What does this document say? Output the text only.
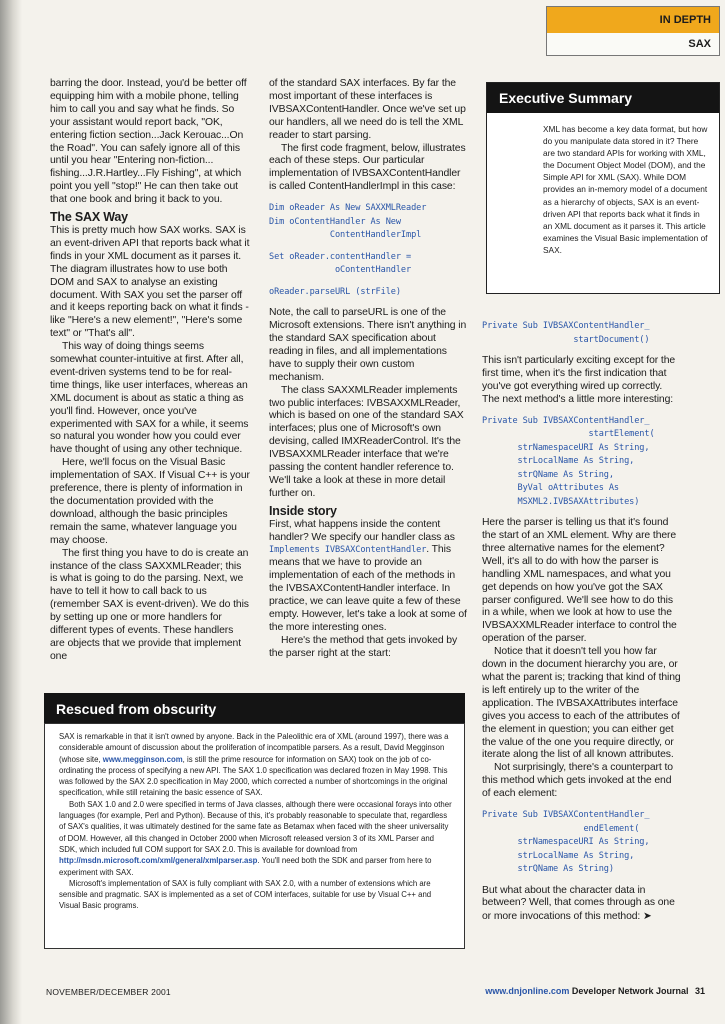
IN DEPTH
SAX

barring the door. Instead, you'd be better off equipping him with a mobile phone, telling him to call you and say what he finds. So your assistant would report back, "OK, entering fiction section...Jack Kerouac...On the Road". You can safely ignore all of this until you hear "Entering non-fiction... fishing...J.R.Hartley...Fly Fishing", at which point you yell "stop!" He can then take out that one book and bring it back to you.

The SAX Way

This is pretty much how SAX works. SAX is an event-driven API that reports back what it finds in your XML document as it parses it. The diagram illustrates how to use both DOM and SAX to analyse an existing document. With SAX you set the parser off and it keeps reporting back on what it finds - like "Here's a new element!", "Here's some text" or "That's all".

This way of doing things seems somewhat counter-intuitive at first. After all, event-driven systems tend to be for real-time things, like user interfaces, whereas an XML document is about as static a thing as you'll find. However, once you've experimented with SAX for a while, it seems so natural you wonder how you could ever have thought of using any other technique.

Here, we'll focus on the Visual Basic implementation of SAX. If Visual C++ is your preference, there is plenty of information in the documentation provided with the download, although the basic principles remain the same, whatever language you may choose.

The first thing you have to do is create an instance of the class SAXXMLReader; this is what is going to do the parsing. Next, we have to tell it how to call back to us (remember SAX is event-driven). We do this by setting up one or more handlers for different types of events. These handlers are objects that we provide that implement one

of the standard SAX interfaces. By far the most important of these interfaces is IVBSAXContentHandler. Once we've set up our handlers, all we need do is tell the XML reader to start parsing.

The first code fragment, below, illustrates each of these steps. Our particular implementation of IVBSAXContentHandler is called ContentHandlerImpl in this case:

Dim oReader As New SAXXMLReader
Dim oContentHandler As New
ContentHandlerImpl
Set oReader.contentHandler =
oContentHandler
oReader.parseURL (strFile)

Note, the call to parseURL is one of the Microsoft extensions. There isn't anything in the standard SAX specification about reading in files, and all implementations have to supply their own custom mechanism.

The class SAXXMLReader implements two public interfaces: IVBSAXXMLReader, which is based on one of the standard SAX interfaces; plus one of Microsoft's own devising, called IMXReaderControl. It's the IVBSAXXMLReader interface that we're passing the content handler reference to. We'll take a look at these in more detail further on.

Inside story

First, what happens inside the content handler? We specify our handler class as Implements IVBSAXContentHandler. This means that we have to provide an implementation of each of the methods in the IVBSAXContentHandler interface. In practice, we can leave quite a few of these empty. However, let's take a look at some of the more interesting ones.

Here's the method that gets invoked by the parser right at the start:

Executive Summary
XML has become a key data format, but how do you manipulate data stored in it? There are two standard APIs for working with XML, the Document Object Model (DOM), and the Simple API for XML (SAX). While DOM provides an in-memory model of a document as a hierarchy of objects, SAX is an event-driven API that reports back what it finds in an XML document as it parses it. This article examines the Visual Basic implementation of SAX.
Private Sub IVBSAXContentHandler_
startDocument()

This isn't particularly exciting except for the first time, when it's the first indication that you've got everything wired up correctly. The next method's a little more interesting:

Private Sub IVBSAXContentHandler_
startElement(
strNamespaceURI As String,
strLocalName As String,
strQName As String,
ByVal oAttributes As
MSXML2.IVBSAXAttributes)

Here the parser is telling us that it's found the start of an XML element. Why are there three alternative names for the element? Well, it's all to do with how the parser is handling XML namespaces, and what you get depends on how you've got the SAX parser configured. We'll see how to do this in a while, when we look at how to use the IVBSAXXMLReader interface to control the operation of the parser.

Notice that it doesn't tell you how far down in the document hierarchy you are, or what the parent is; tracking that kind of thing is left entirely up to the writer of the application. The IVBSAXAttributes interface gives you access to each of the attributes of the element in question; you can either get the value of the one you require directly, or iterate along the list of all known attributes.

Not surprisingly, there's a counterpart to this method which gets invoked at the end of each element:

Private Sub IVBSAXContentHandler_
endElement(
strNamespaceURI As String,
strLocalName As String,
strQName As String)

But what about the character data in between? Well, that comes through as one or more invocations of this method: ➤

Rescued from obscurity

SAX is remarkable in that it isn't owned by anyone. Back in the Paleolithic era of XML (around 1997), there was a considerable amount of discussion about the proliferation of incompatible parsers. As a result, David Megginson (whose site, www.megginson.com, is still the prime resource for information on SAX) took on the job of co-ordinating the process of specifying a new API. The SAX 1.0 specification was declared frozen in May 1998. This was followed by the SAX 2.0 specification in May 2000, which corrected a number of shortcomings in the original specification, while still retaining the basic essence of SAX.

Both SAX 1.0 and 2.0 were specified in terms of Java classes, although there were occasional forays into other languages (for example, Perl and Python). Because of this, it's probably reasonable to speculate that, regardless of SAX's qualities, it was ultimately destined for the same fate as Betamax when faced with the sheer universality of DOM. However, all this changed in October 2000 when Microsoft released version 3 of its XML Parser and SDK, which included full COM support for SAX 2.0. This is available for download from http://msdn.microsoft.com/xml/general/xmlparser.asp. You'll need both the SDK and parser from here to experiment with SAX.

Microsoft's implementation of SAX is fully compliant with SAX 2.0, with a number of extensions which are sensible and pragmatic. SAX is implemented as a set of COM interfaces, suitable for use by Visual C++ and Visual Basic programs.

NOVEMBER/DECEMBER 2001	www.dnjonline.com Developer Network Journal 31
